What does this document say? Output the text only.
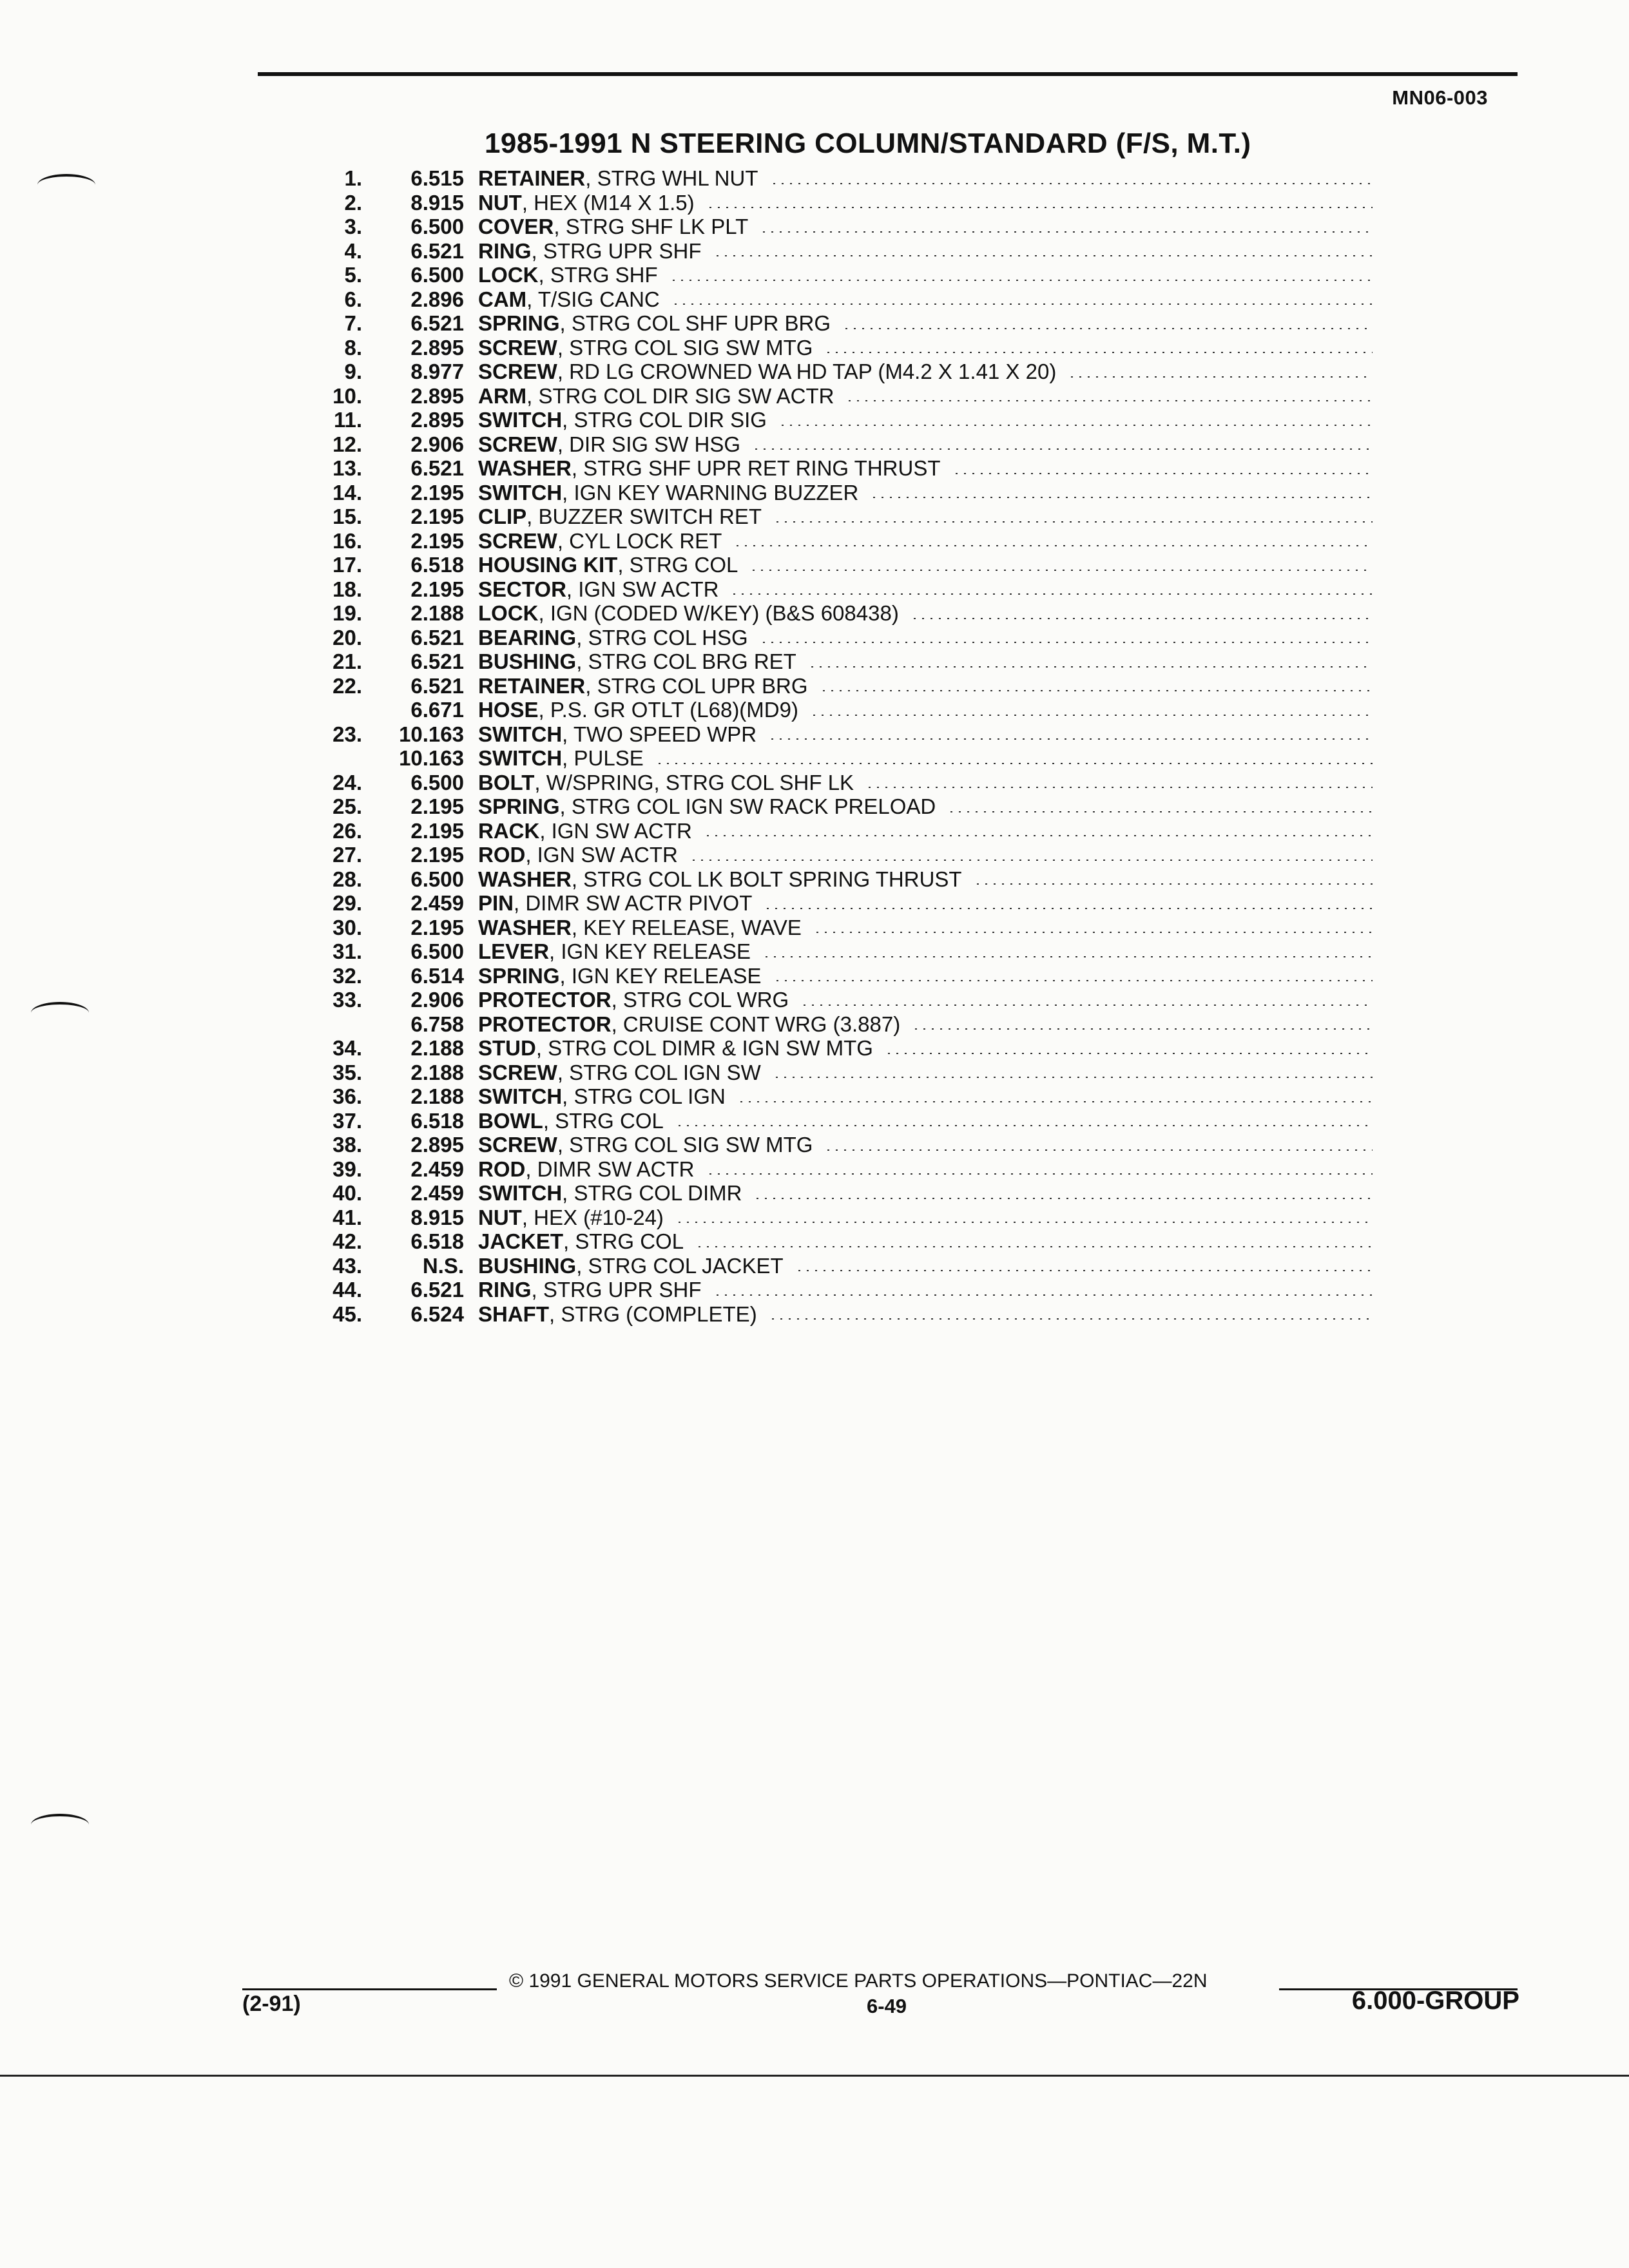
MN06-003
1985-1991 N STEERING COLUMN/STANDARD (F/S, M.T.)
1.	6.515 RETAINER , STRG WHL NUT
2.	8.915 NUT , HEX (M14 X 1.5)
3.	6.500 COVER , STRG SHF LK PLT
4.	6.521 RING , STRG UPR SHF
5.	6.500 LOCK , STRG SHF
6.	2.896 CAM , T/SIG CANC
7.	6.521 SPRING , STRG COL SHF UPR BRG
8.	2.895 SCREW , STRG COL SIG SW MTG
9.	8.977 SCREW , RD LG CROWNED WA HD TAP (M4.2 X 1.41 X 20)
10.	2.895 ARM , STRG COL DIR SIG SW ACTR
11.	2.895 SWITCH , STRG COL DIR SIG
12.	2.906 SCREW , DIR SIG SW HSG
13.	6.521 WASHER , STRG SHF UPR RET RING THRUST
14.	2.195 SWITCH , IGN KEY WARNING BUZZER
15.	2.195 CLIP , BUZZER SWITCH RET
16.	2.195 SCREW , CYL LOCK RET
17.	6.518 HOUSING KIT , STRG COL
18.	2.195 SECTOR , IGN SW ACTR
19.	2.188 LOCK , IGN (CODED W/KEY) (B&S 608438)
20.	6.521 BEARING , STRG COL HSG
21.	6.521 BUSHING , STRG COL BRG RET
22.	6.521 RETAINER , STRG COL UPR BRG
6.671 HOSE , P.S. GR OTLT (L68)(MD9)
23.	10.163 SWITCH , TWO SPEED WPR
10.163 SWITCH , PULSE
24.	6.500 BOLT , W/SPRING, STRG COL SHF LK
25.	2.195 SPRING , STRG COL IGN SW RACK PRELOAD
26.	2.195 RACK , IGN SW ACTR
27.	2.195 ROD , IGN SW ACTR
28.	6.500 WASHER , STRG COL LK BOLT SPRING THRUST
29.	2.459 PIN , DIMR SW ACTR PIVOT
30.	2.195 WASHER , KEY RELEASE, WAVE
31.	6.500 LEVER , IGN KEY RELEASE
32.	6.514 SPRING , IGN KEY RELEASE
33.	2.906 PROTECTOR , STRG COL WRG
6.758 PROTECTOR , CRUISE CONT WRG (3.887)
34.	2.188 STUD , STRG COL DIMR & IGN SW MTG
35.	2.188 SCREW , STRG COL IGN SW
36.	2.188 SWITCH , STRG COL IGN
37.	6.518 BOWL , STRG COL
38.	2.895 SCREW , STRG COL SIG SW MTG
39.	2.459 ROD , DIMR SW ACTR
40.	2.459 SWITCH , STRG COL DIMR
41.	8.915 NUT , HEX (#10-24)
42.	6.518 JACKET , STRG COL
43.	N.S. BUSHING , STRG COL JACKET
44.	6.521 RING , STRG UPR SHF
45.	6.524 SHAFT , STRG (COMPLETE)
© 1991 GENERAL MOTORS SERVICE PARTS OPERATIONS—PONTIAC—22N
(2-91)	6-49	6.000-GROUP
